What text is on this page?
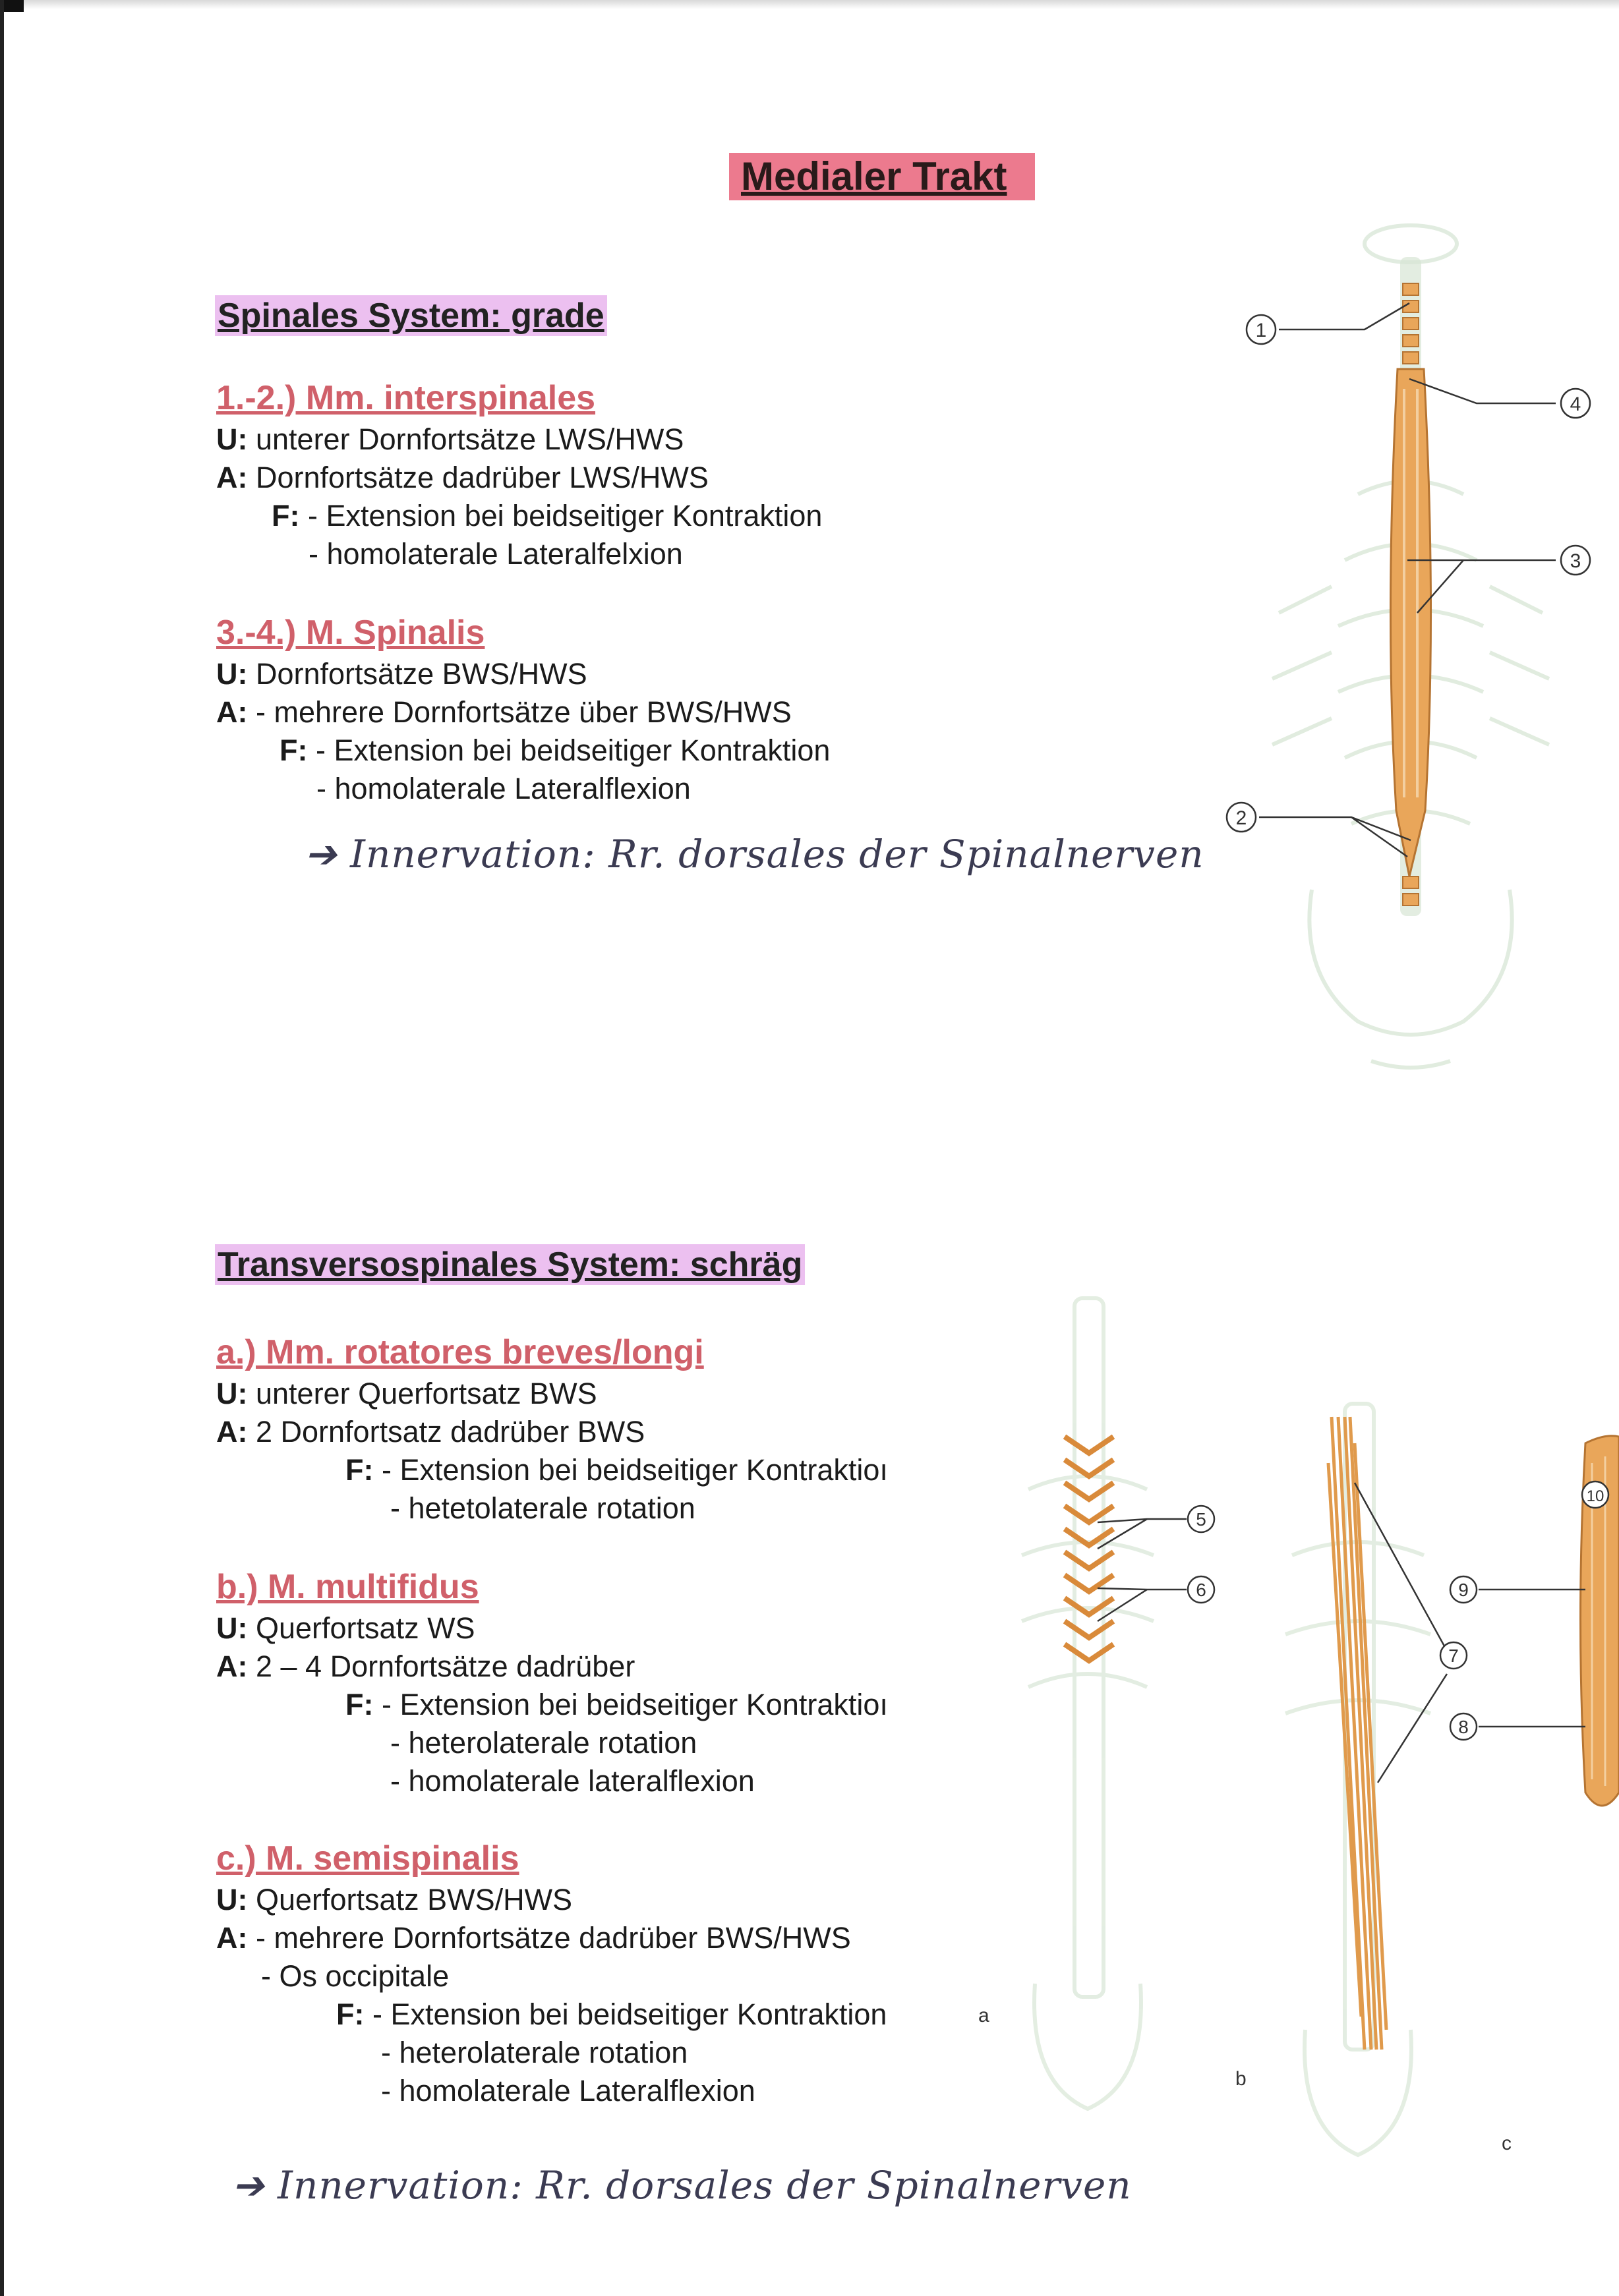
Medialer Trakt
Spinales System: grade
1.-2.) Mm. interspinales
U: unterer Dornfortsätze LWS/HWS
A: Dornfortsätze dadrüber LWS/HWS
F: - Extension bei beidseitiger Kontraktion
- homolaterale Lateralfelxion
3.-4.) M. Spinalis
U: Dornfortsätze BWS/HWS
A: - mehrere Dornfortsätze über BWS/HWS
F: - Extension bei beidseitiger Kontraktion
- homolaterale Lateralflexion
➔ Innervation: Rr. dorsales der Spinalnerven
1
2
3
4
Transversospinales System: schräg
a.) Mm. rotatores breves/longi
U: unterer Querfortsatz BWS
A: 2 Dornfortsatz dadrüber BWS
F: - Extension bei beidseitiger Kontraktioı
- hetetolaterale rotation
b.) M. multifidus
U: Querfortsatz WS
A: 2 – 4 Dornfortsätze dadrüber
F: - Extension bei beidseitiger Kontraktioı
- heterolaterale rotation
- homolaterale lateralflexion
c.) M. semispinalis
U: Querfortsatz BWS/HWS
A: - mehrere Dornfortsätze dadrüber BWS/HWS
- Os occipitale
F: - Extension bei beidseitiger Kontraktion
- heterolaterale rotation
- homolaterale Lateralflexion
➔ Innervation: Rr. dorsales der Spinalnerven
5
6
7
8
9
10
a
b
c
